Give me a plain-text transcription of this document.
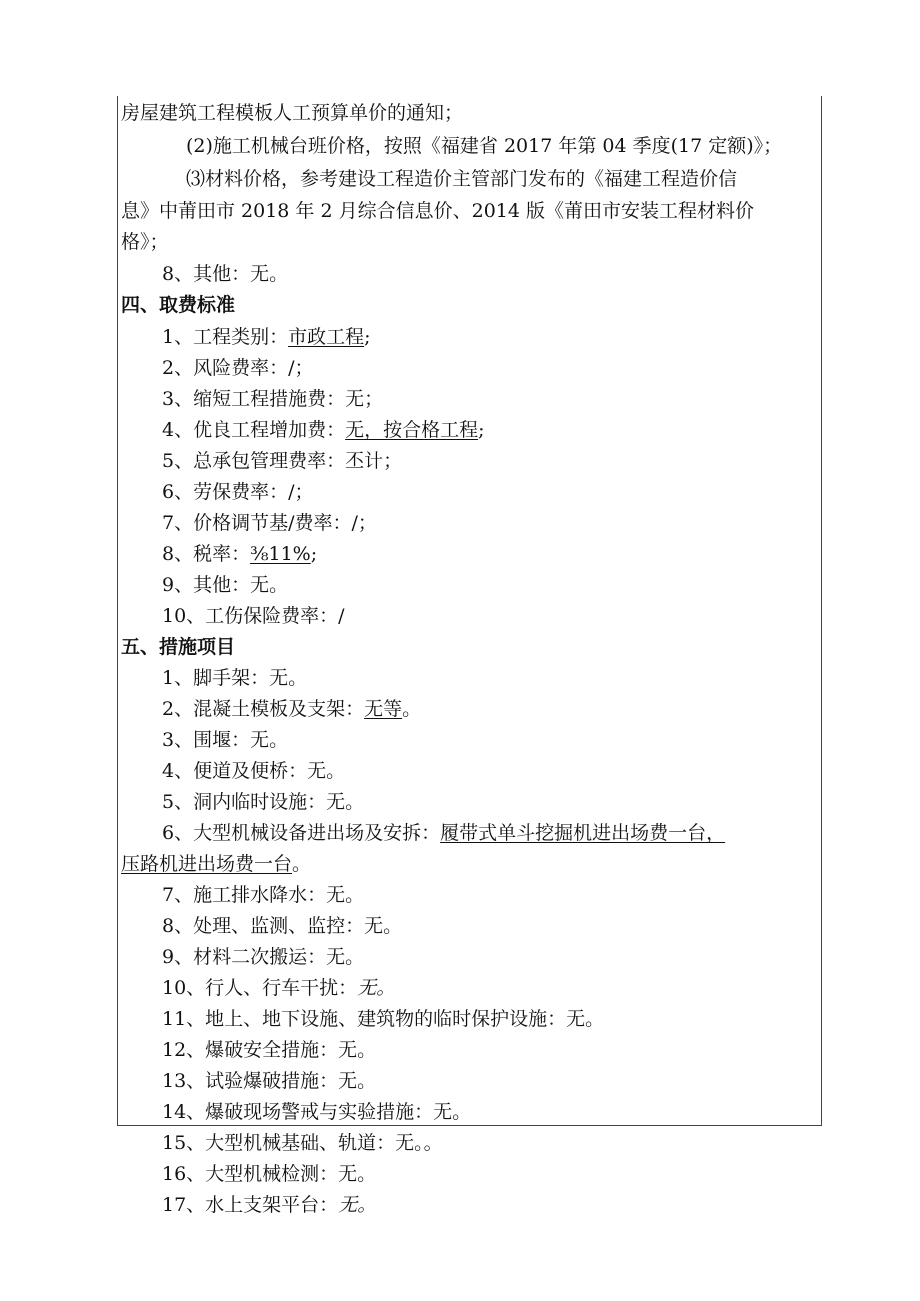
房屋建筑工程模板人工预算单价的通知；
(2)施工机械台班价格，按照《福建省 2017 年第 04 季度(17 定额)》；
⑶材料价格，参考建设工程造价主管部门发布的《福建工程造价信
息》中莆田市 2018 年 2 月综合信息价、2014 版《莆田市安装工程材料价
格》；
8、其他：无。
四、取费标准
1、工程类别：市政工程;
2、风险费率：/；
3、缩短工程措施费：无；
4、优良工程增加费：无，按合格工程;
5、总承包管理费率：丕计；
6、劳保费率：/；
7、价格调节基/费率：/；
8、税率：⅜11%;
9、其他：无。
10、工伤保险费率：/
五、措施项目
1、脚手架：无。
2、混凝土模板及支架：无等。
3、围堰：无。
4、便道及便桥：无。
5、洞内临时设施：无。
6、大型机械设备进出场及安拆：履带式单斗挖掘机进出场费一台，
压路机进出场费一台。
7、施工排水降水：无。
8、处理、监测、监控：无。
9、材料二次搬运：无。
10、行人、行车干扰：无。
11、地上、地下设施、建筑物的临时保护设施：无。
12、爆破安全措施：无。
13、试验爆破措施：无。
14、爆破现场警戒与实验措施：无。
15、大型机械基础、轨道：无。。
16、大型机械检测：无。
17、水上支架平台：无。
